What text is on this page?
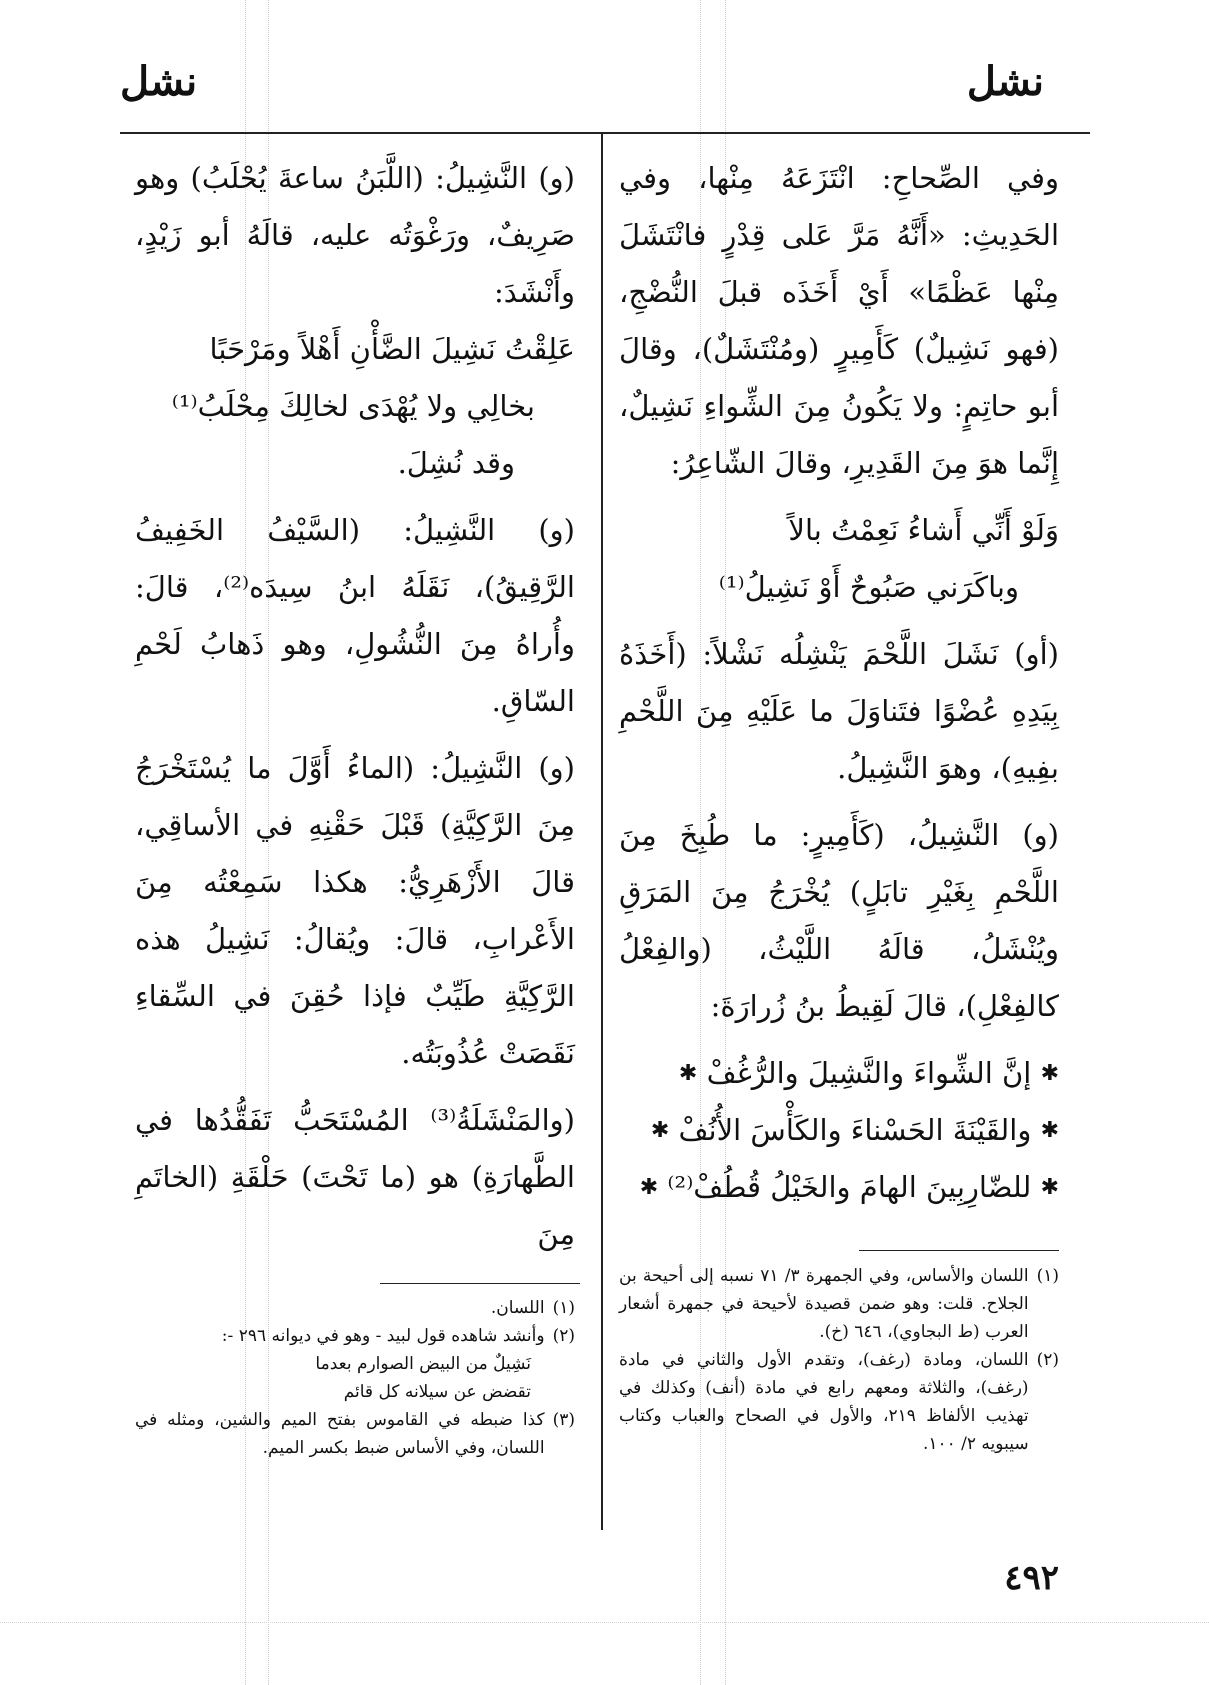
نشل
نشل

وفي الصِّحاحِ: انْتَزَعَهُ مِنْها، وفي الحَدِيثِ: «أَنَّهُ مَرَّ عَلى قِدْرٍ فانْتَشَلَ مِنْها عَظْمًا» أَيْ أَخَذَه قبلَ النُّضْجِ، (فهو نَشِيلٌ) كَأَمِيرٍ (ومُنْتَشَلٌ)، وقالَ أبو حاتِمٍ: ولا يَكُونُ مِنَ الشِّواءِ نَشِيلٌ، إِنَّما هوَ مِنَ القَدِيرِ، وقالَ الشّاعِرُ:

وَلَوْ أَنِّي أَشاءُ نَعِمْتُ بالاً

وباكَرَني صَبُوحٌ أَوْ نَشِيلُ⁽¹⁾

(أو) نَشَلَ اللَّحْمَ يَنْشِلُه نَشْلاً: (أَخَذَهُ بِيَدِهِ عُضْوًا فتَناوَلَ ما عَلَيْهِ مِنَ اللَّحْمِ بفِيهِ)، وهوَ النَّشِيلُ.

(و) النَّشِيلُ، (كَأَمِيرٍ: ما طُبِخَ مِنَ اللَّحْمِ بِغَيْرِ تابَلٍ) يُخْرَجُ مِنَ المَرَقِ ويُنْشَلُ، قالَهُ اللَّيْثُ، (والفِعْلُ كالفِعْلِ)، قالَ لَقِيطُ بنُ زُرارَةَ:

✱ إنَّ الشِّواءَ والنَّشِيلَ والرُّغُفْ ✱

✱ والقَيْنَةَ الحَسْناءَ والكَأْسَ الأُنُفْ ✱

✱ للضّارِبِينَ الهامَ والخَيْلُ قُطُفْ⁽²⁾ ✱

(١)
اللسان والأساس، وفي الجمهرة ٣/ ٧١ نسبه إلى أحيحة بن الجلاح. قلت: وهو ضمن قصيدة لأحيحة في جمهرة أشعار العرب (ط البجاوي)، ٦٤٦ (خ).
(٢)
اللسان، ومادة (رغف)، وتقدم الأول والثاني في مادة (رغف)، والثلاثة ومعهم رابع في مادة (أنف) وكذلك في تهذيب الألفاظ ٢١٩، والأول في الصحاح والعباب وكتاب سيبويه ٢/ ١٠٠.

(و) النَّشِيلُ: (اللَّبَنُ ساعةَ يُحْلَبُ) وهو صَرِيفٌ، ورَغْوَتُه عليه، قالَهُ أبو زَيْدٍ، وأَنْشَدَ:

عَلِقْتُ نَشِيلَ الضَّأْنِ أَهْلاً ومَرْحَبًا

بخالِي ولا يُهْدَى لخالِكَ مِحْلَبُ⁽¹⁾

وقد نُشِلَ.

(و) النَّشِيلُ: (السَّيْفُ الخَفِيفُ الرَّقِيقُ)، نَقَلَهُ ابنُ سِيدَه⁽²⁾، قالَ: وأُراهُ مِنَ النُّشُولِ، وهو ذَهابُ لَحْمِ السّاقِ.

(و) النَّشِيلُ: (الماءُ أَوَّلَ ما يُسْتَخْرَجُ مِنَ الرَّكِيَّةِ) قَبْلَ حَقْنِهِ في الأساقِي، قالَ الأَزْهَرِيُّ: هكذا سَمِعْتُه مِنَ الأَعْرابِ، قالَ: ويُقالُ: نَشِيلُ هذه الرَّكِيَّةِ طَيِّبٌ فإذا حُقِنَ في السِّقاءِ نَقَصَتْ عُذُوبَتُه.

(والمَنْشَلَةُ⁽³⁾ المُسْتَحَبُّ تَفَقُّدُها في الطَّهارَةِ) هو (ما تَحْتَ) حَلْقَةِ (الخاتَمِ مِنَ

(١)
اللسان.
(٢)
وأنشد شاهده قول لبيد - وهو في ديوانه ٢٩٦ -:
نَشِيلٌ من البيض الصوارم بعدما
تقضض عن سيلانه كل قائم
(٣)
كذا ضبطه في القاموس بفتح الميم والشين، ومثله في اللسان، وفي الأساس ضبط بكسر الميم.
٤٩٢
